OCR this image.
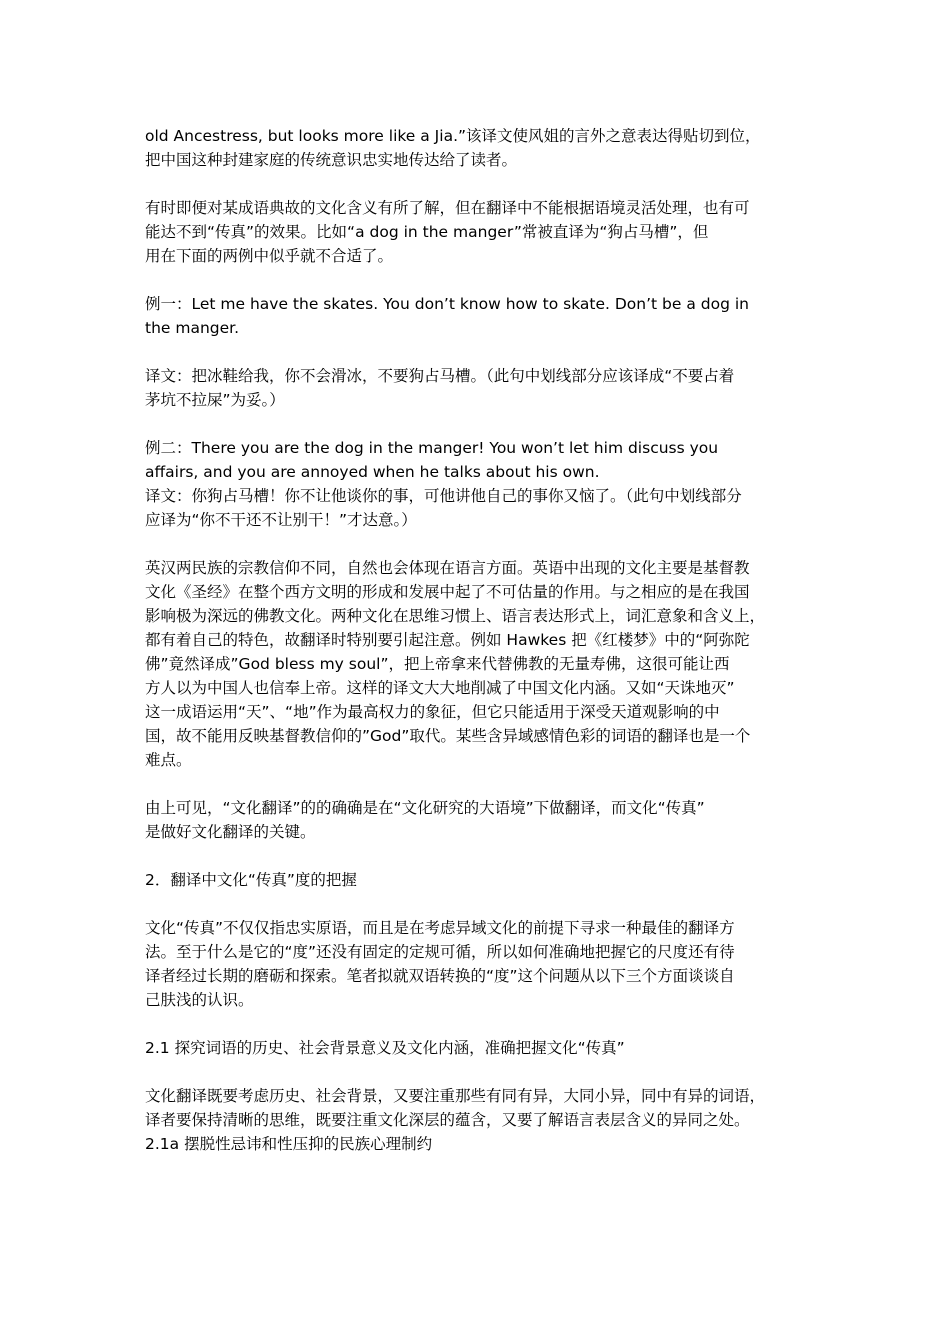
old Ancestress, but looks more like a Jia.”该译文使风姐的言外之意表达得贴切到位，
把中国这种封建家庭的传统意识忠实地传达给了读者。

有时即便对某成语典故的文化含义有所了解，但在翻译中不能根据语境灵活处理，也有可
能达不到“传真”的效果。比如“a dog in the manger”常被直译为“狗占马槽”，但
用在下面的两例中似乎就不合适了。

例一：Let me have the skates. You don’t know how to skate. Don’t be a dog in
the manger.

译文：把冰鞋给我，你不会滑冰，不要狗占马槽。（此句中划线部分应该译成“不要占着
茅坑不拉屎”为妥。）

例二：There you are the dog in the manger! You won’t let him discuss you
affairs, and you are annoyed when he talks about his own.
译文：你狗占马槽！你不让他谈你的事，可他讲他自己的事你又恼了。（此句中划线部分
应译为“你不干还不让别干！”才达意。）

英汉两民族的宗教信仰不同，自然也会体现在语言方面。英语中出现的文化主要是基督教
文化《圣经》在整个西方文明的形成和发展中起了不可估量的作用。与之相应的是在我国
影响极为深远的佛教文化。两种文化在思维习惯上、语言表达形式上，词汇意象和含义上，
都有着自己的特色，故翻译时特别要引起注意。例如 Hawkes 把《红楼梦》中的“阿弥陀
佛”竟然译成”God bless my soul”，把上帝拿来代替佛教的无量寿佛，这很可能让西
方人以为中国人也信奉上帝。这样的译文大大地削减了中国文化内涵。又如“天诛地灭”
这一成语运用“天”、“地”作为最高权力的象征，但它只能适用于深受天道观影响的中
国，故不能用反映基督教信仰的”God”取代。某些含异域感情色彩的词语的翻译也是一个
难点。

由上可见，“文化翻译”的的确确是在“文化研究的大语境”下做翻译，而文化“传真”
是做好文化翻译的关键。

2．翻译中文化“传真”度的把握

文化“传真”不仅仅指忠实原语，而且是在考虑异域文化的前提下寻求一种最佳的翻译方
法。至于什么是它的“度”还没有固定的定规可循，所以如何准确地把握它的尺度还有待
译者经过长期的磨砺和探索。笔者拟就双语转换的“度”这个问题从以下三个方面谈谈自
己肤浅的认识。

2.1 探究词语的历史、社会背景意义及文化内涵，准确把握文化“传真”

文化翻译既要考虑历史、社会背景，又要注重那些有同有异，大同小异，同中有异的词语，
译者要保持清晰的思维，既要注重文化深层的蕴含，又要了解语言表层含义的异同之处。
2.1a 摆脱性忌讳和性压抑的民族心理制约
